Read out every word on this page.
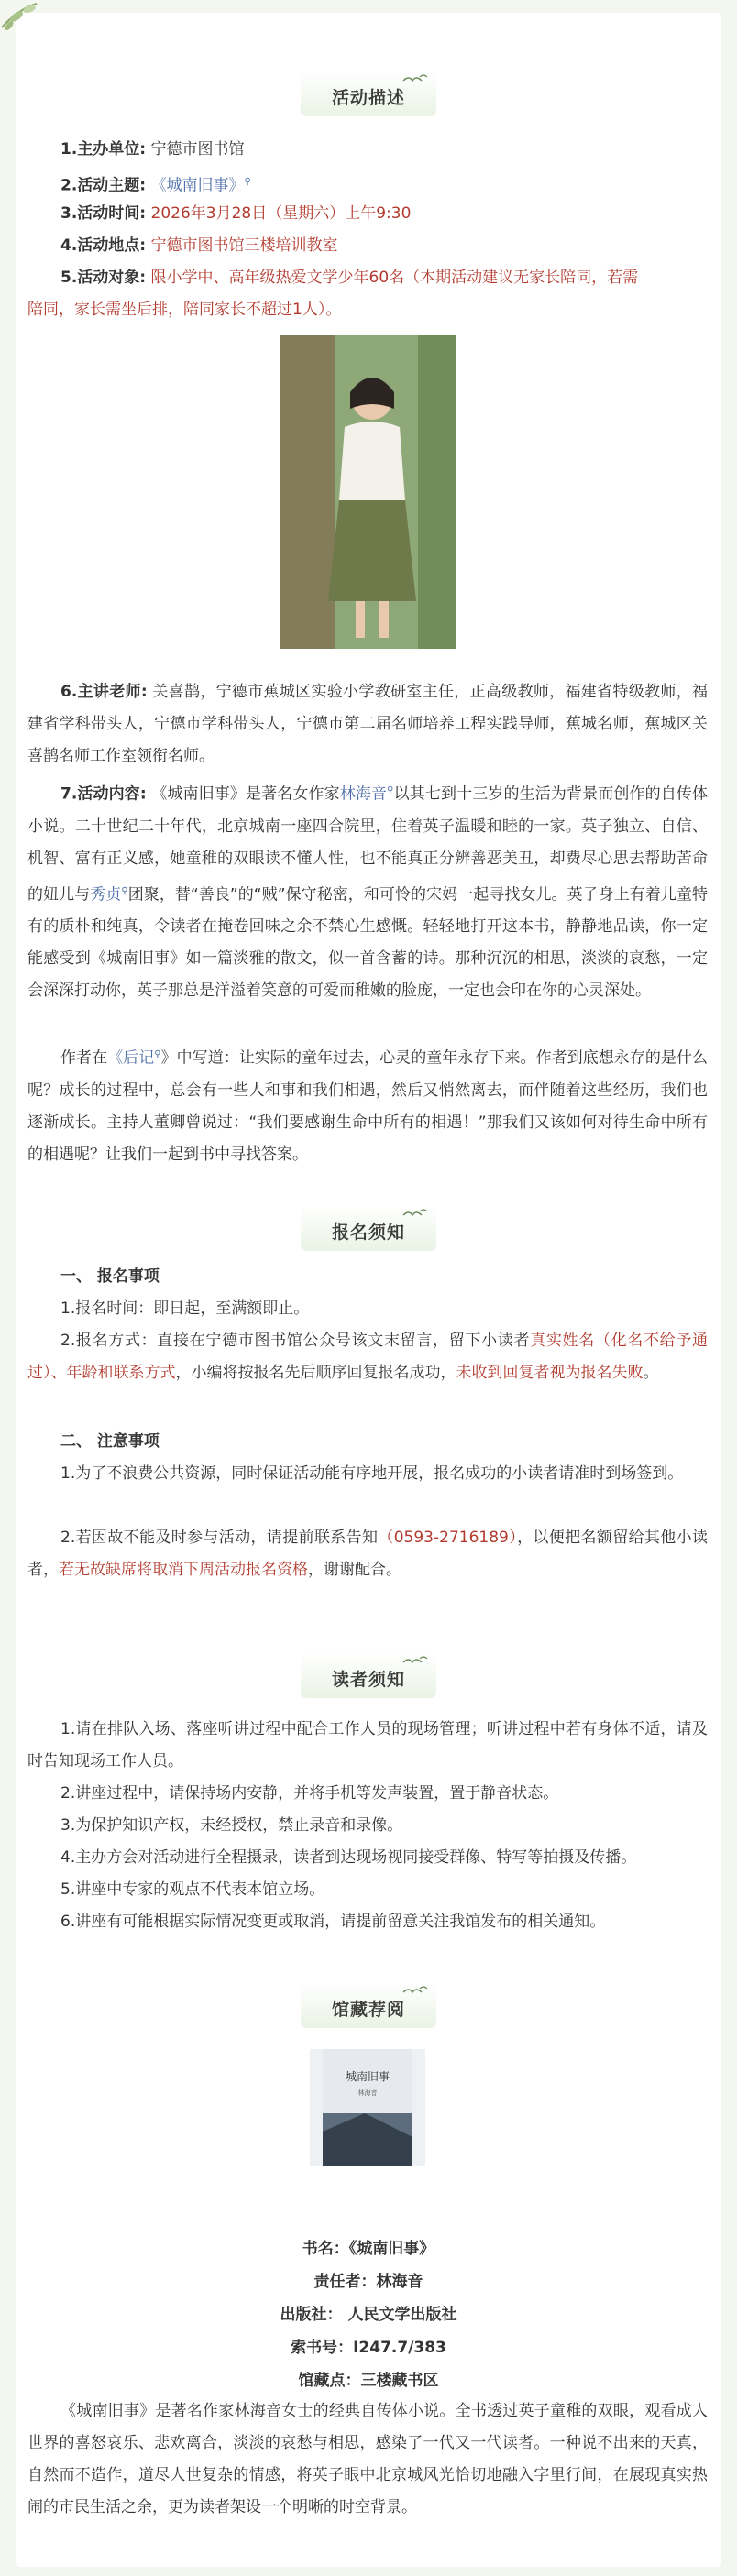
活动描述
1.主办单位: 宁德市图书馆
2.活动主题: 《城南旧事》⚲
3.活动时间: 2026年3月28日（星期六）上午9:30
4.活动地点: 宁德市图书馆三楼培训教室
5.活动对象: 限小学中、高年级热爱文学少年60名（本期活动建议无家长陪同，若需
陪同，家长需坐后排，陪同家长不超过1人）。

6.主讲老师: 关喜鹊，宁德市蕉城区实验小学教研室主任，正高级教师，福建省特级教师，福建省学科带头人，宁德市学科带头人，宁德市第二届名师培养工程实践导师，蕉城名师，蕉城区关喜鹊名师工作室领衔名师。

7.活动内容: 《城南旧事》是著名女作家林海音⚲以其七到十三岁的生活为背景而创作的自传体小说。二十世纪二十年代，北京城南一座四合院里，住着英子温暖和睦的一家。英子独立、自信、机智、富有正义感，她童稚的双眼读不懂人性，也不能真正分辨善恶美丑，却费尽心思去帮助苦命的妞儿与秀贞⚲团聚，替“善良”的“贼”保守秘密，和可怜的宋妈一起寻找女儿。英子身上有着儿童特有的质朴和纯真，令读者在掩卷回味之余不禁心生感慨。轻轻地打开这本书，静静地品读，你一定能感受到《城南旧事》如一篇淡雅的散文，似一首含蓄的诗。那种沉沉的相思，淡淡的哀愁，一定会深深打动你，英子那总是洋溢着笑意的可爱而稚嫩的脸庞，一定也会印在你的心灵深处。

作者在《后记⚲》中写道：让实际的童年过去，心灵的童年永存下来。作者到底想永存的是什么呢？成长的过程中，总会有一些人和事和我们相遇，然后又悄然离去，而伴随着这些经历，我们也逐渐成长。主持人董卿曾说过：“我们要感谢生命中所有的相遇！”那我们又该如何对待生命中所有的相遇呢？让我们一起到书中寻找答案。

报名须知
一、 报名事项

1.报名时间：即日起，至满额即止。

2.报名方式：直接在宁德市图书馆公众号该文末留言，留下小读者真实姓名（化名不给予通过）、年龄和联系方式，小编将按报名先后顺序回复报名成功，未收到回复者视为报名失败。

二、 注意事项

1.为了不浪费公共资源，同时保证活动能有序地开展，报名成功的小读者请准时到场签到。

2.若因故不能及时参与活动，请提前联系告知（0593-2716189），以便把名额留给其他小读者，若无故缺席将取消下周活动报名资格，谢谢配合。

读者须知

1.请在排队入场、落座听讲过程中配合工作人员的现场管理；听讲过程中若有身体不适，请及时告知现场工作人员。

2.讲座过程中，请保持场内安静，并将手机等发声装置，置于静音状态。

3.为保护知识产权，未经授权，禁止录音和录像。

4.主办方会对活动进行全程摄录，读者到达现场视同接受群像、特写等拍摄及传播。

5.讲座中专家的观点不代表本馆立场。

6.讲座有可能根据实际情况变更或取消，请提前留意关注我馆发布的相关通知。

馆藏荐阅
城南旧事
林海音
书名：《城南旧事》
责任者：林海音
出版社： 人民文学出版社
索书号：I247.7/383
馆藏点：三楼藏书区

《城南旧事》是著名作家林海音女士的经典自传体小说。全书透过英子童稚的双眼，观看成人世界的喜怒哀乐、悲欢离合，淡淡的哀愁与相思，感染了一代又一代读者。一种说不出来的天真，自然而不造作，道尽人世复杂的情感，将英子眼中北京城风光恰切地融入字里行间，在展现真实热闹的市民生活之余，更为读者架设一个明晰的时空背景。
